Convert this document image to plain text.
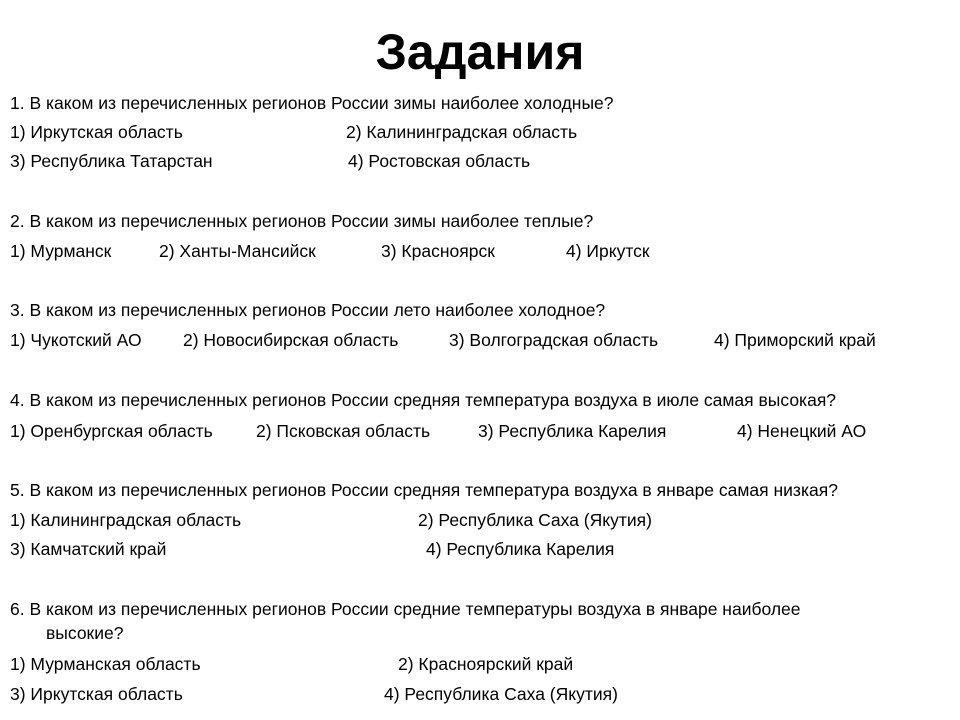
Задания
1. В каком из перечисленных регионов России зимы наиболее холодные?
1) Иркутская область	2) Калининградская область
3) Республика Татарстан	4) Ростовская область
2. В каком из перечисленных регионов России зимы наиболее теплые?
1) Мурманск	2) Ханты-Мансийск	3) Красноярск	4) Иркутск
3. В каком из перечисленных регионов России лето наиболее холодное?
1) Чукотский АО 2) Новосибирская область	3) Волгоградская область	4) Приморский край
4. В каком из перечисленных регионов России средняя температура воздуха в июле самая высокая?
1) Оренбургская область 2) Псковская область	3) Республика Карелия	4) Ненецкий АО
5. В каком из перечисленных регионов России средняя температура воздуха в январе самая низкая?
1) Калининградская область	2) Республика Саха (Якутия)
3) Камчатский край	4) Республика Карелия
6. В каком из перечисленных регионов России средние температуры воздуха в январе наиболее
высокие?
1) Мурманская область	2) Красноярский край
3) Иркутская область	4) Республика Саха (Якутия)
